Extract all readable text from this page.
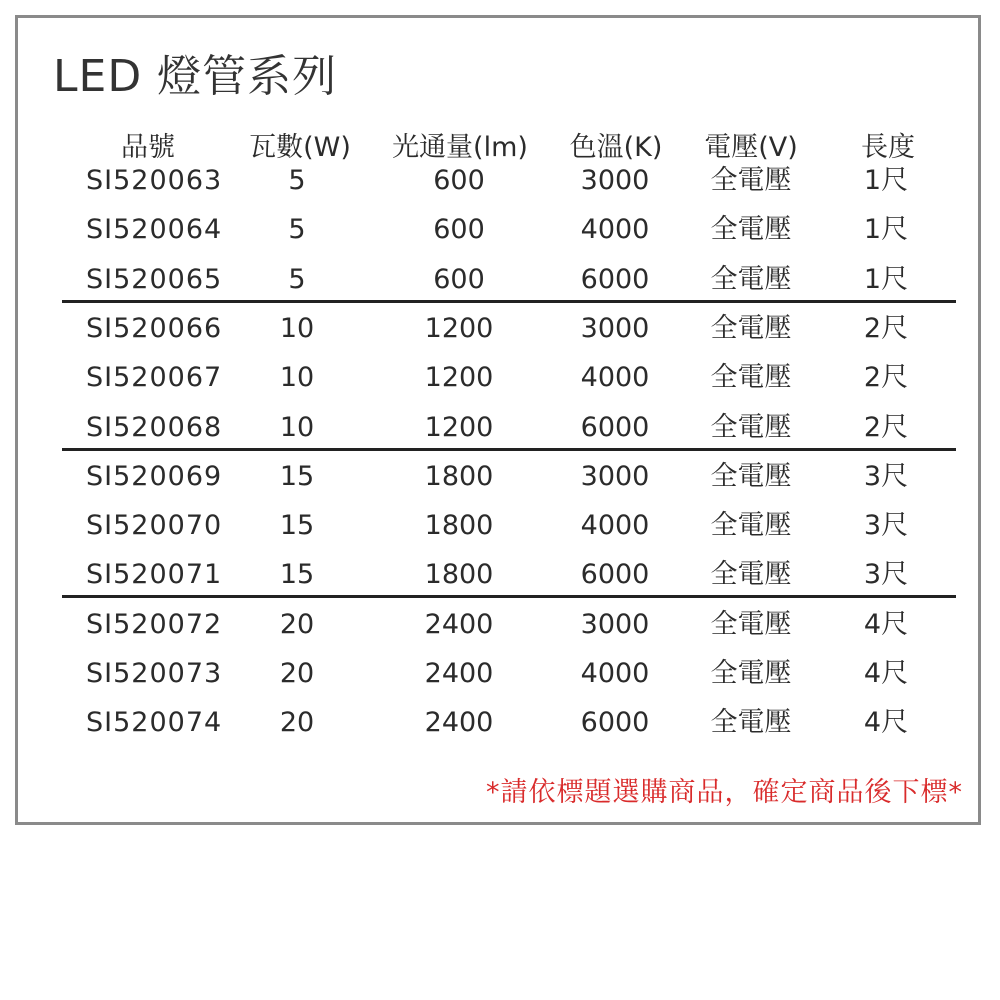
LED 燈管系列
品號	瓦數(W) 光通量(lm) 色溫(K) 電壓(V) 長度
SI520063 5	600	3000 全電壓	1尺
SI520064 5	600	4000 全電壓	1尺
SI520065 5	600	6000 全電壓	1尺
SI520066 10	1200	3000 全電壓	2尺
SI520067 10	1200	4000 全電壓	2尺
SI520068 10	1200	6000 全電壓	2尺
SI520069 15	1800	3000 全電壓	3尺
SI520070 15	1800	4000 全電壓	3尺
SI520071 15	1800	6000 全電壓	3尺
SI520072 20	2400	3000 全電壓	4尺
SI520073 20	2400	4000 全電壓	4尺
SI520074 20	2400	6000 全電壓	4尺
*請依標題選購商品，確定商品後下標*
